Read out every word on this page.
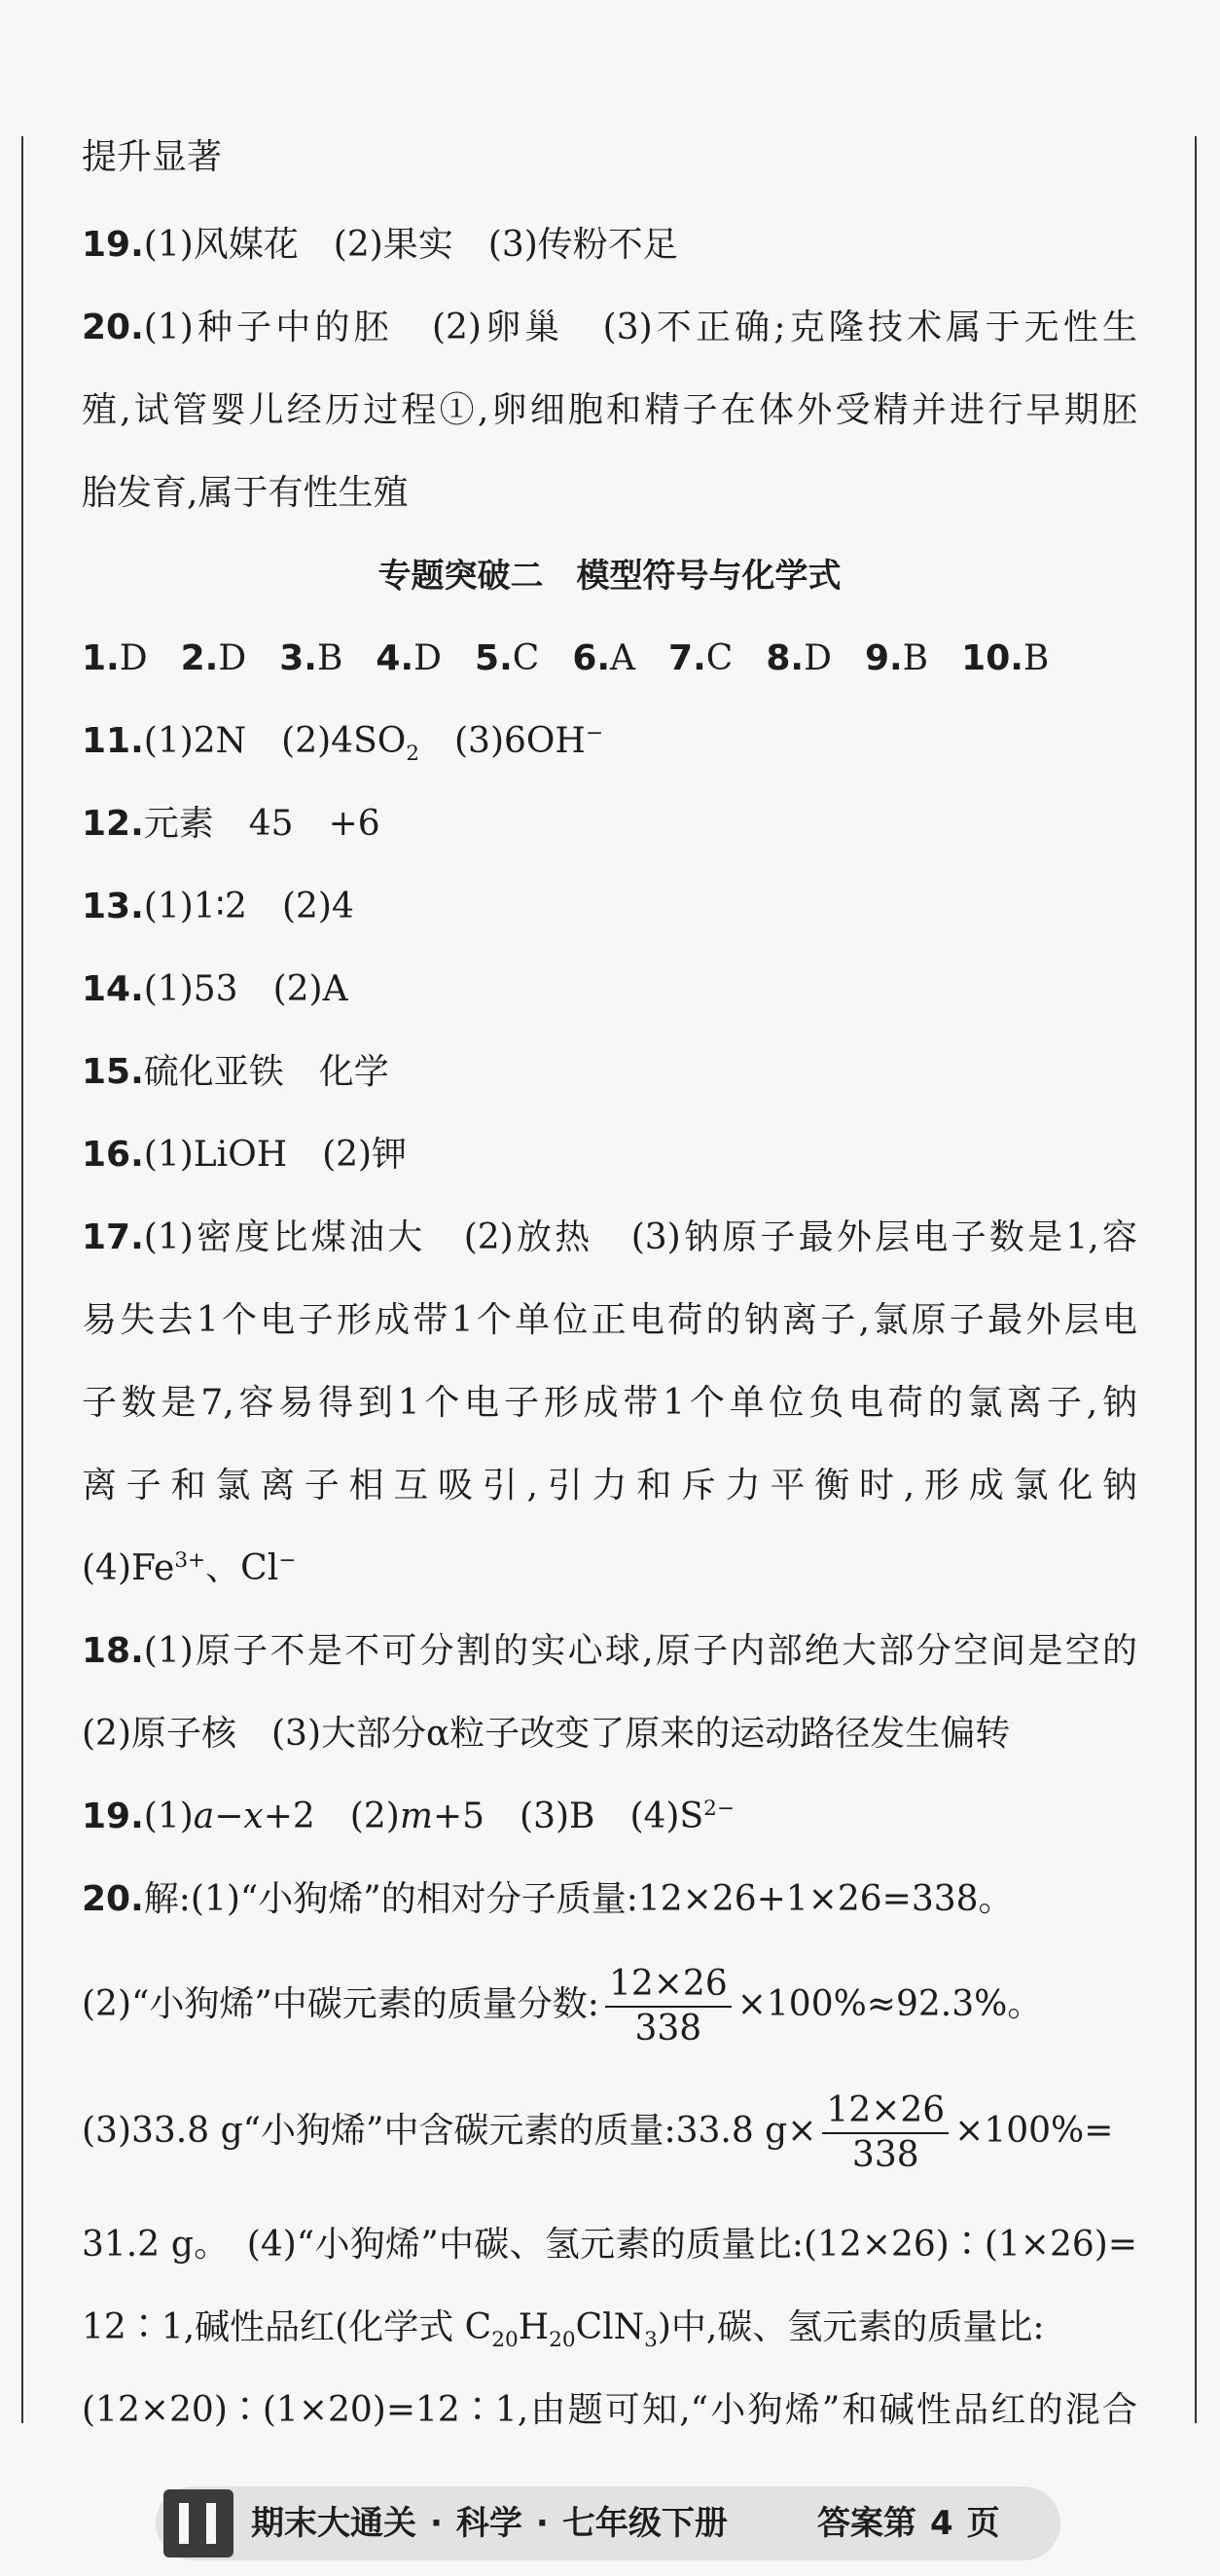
提升显著
19.(1)风媒花　(2)果实　(3)传粉不足
20.(1)种子中的胚　(2)卵巢　(3)不正确;克隆技术属于无性生
殖,试管婴儿经历过程①,卵细胞和精子在体外受精并进行早期胚
胎发育,属于有性生殖
专题突破二　模型符号与化学式
1.D 2.D 3.B 4.D 5.C 6.A 7.C 8.D 9.B 10.B
11.(1)2N　$(2)4SO_2$　(3)6OH−
12.元素　45　+6
13.(1)1∶2　(2)4
14.(1)53　(2)A
15.硫化亚铁　化学
16.(1)LiOH　(2)钾
17.(1)密度比煤油大　(2)放热　(3)钠原子最外层电子数是1,容
易失去1个电子形成带1个单位正电荷的钠离子,氯原子最外层电
子数是7,容易得到1个电子形成带1个单位负电荷的氯离子,钠
离子和氯离子相互吸引,引力和斥力平衡时,形成氯化钠
$(4)Fe^{3+}$、Cl−
18.(1)原子不是不可分割的实心球,原子内部绝大部分空间是空的
(2)原子核　(3)大部分α粒子改变了原来的运动路径发生偏转
19.(1)a−x+2　(2)m+5　(3)B　$(4)S^{2-}$
20.解:(1)“小狗烯”的相对分子质量:12×26+1×26=338。
(2)“小狗烯”中碳元素的质量分数: $\frac{12\times 26}{338} \times 100\%\approx 92.3\%$。
(3)33.8 g“小狗烯”中含碳元素的质量:33.8 $g\times \frac{12\times 26}{338} \times 100\%=$
31.2 g。　(4)“小狗烯”中碳、氢元素的质量比:(12×26)∶(1×26)=
12∶1,碱性品红(化学式 $C_{20}H_{20}ClN_3$)中,碳、氢元素的质量比:
(12×20)∶(1×20)=12∶1,由题可知,“小狗烯”和碱性品红的混合
期末大通关 · 科学 · 七年级下册	答案第 4 页
